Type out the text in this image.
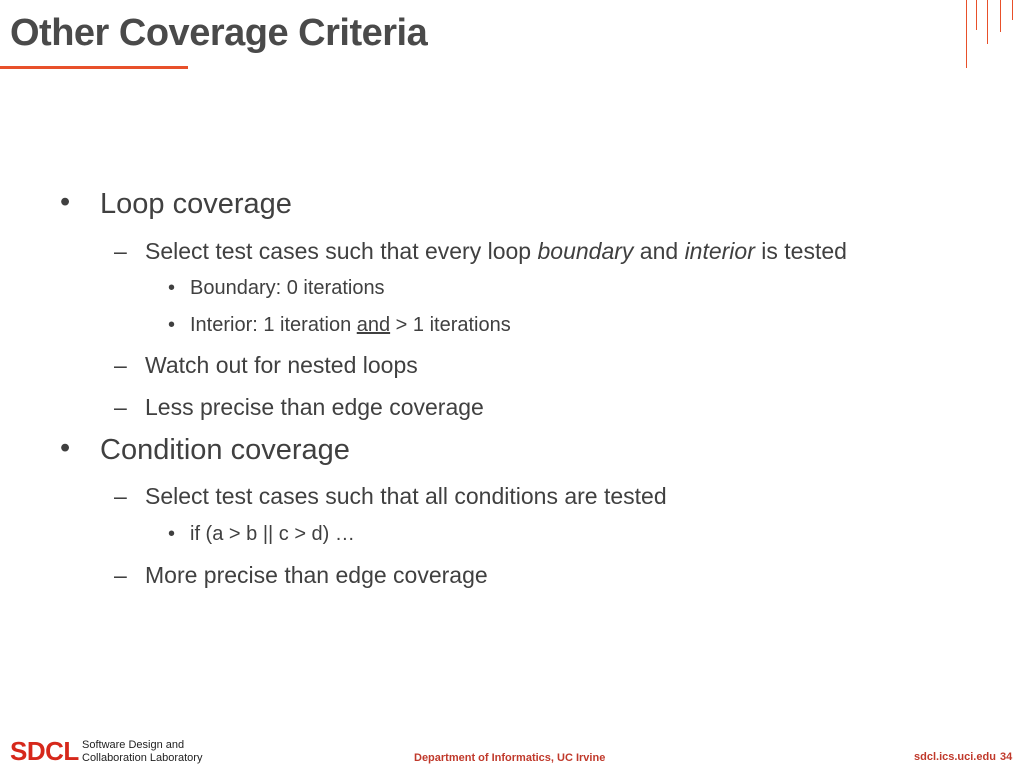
Other Coverage Criteria
• Loop coverage
– Select test cases such that every loop boundary and interior is tested
• Boundary: 0 iterations
• Interior: 1 iteration and > 1 iterations
– Watch out for nested loops
– Less precise than edge coverage
• Condition coverage
– Select test cases such that all conditions are tested
• if (a > b || c > d) …
– More precise than edge coverage
SDCL Software Design and
Collaboration Laboratory	Department of Informatics, UC Irvine	sdcl.ics.uci.edu 34
